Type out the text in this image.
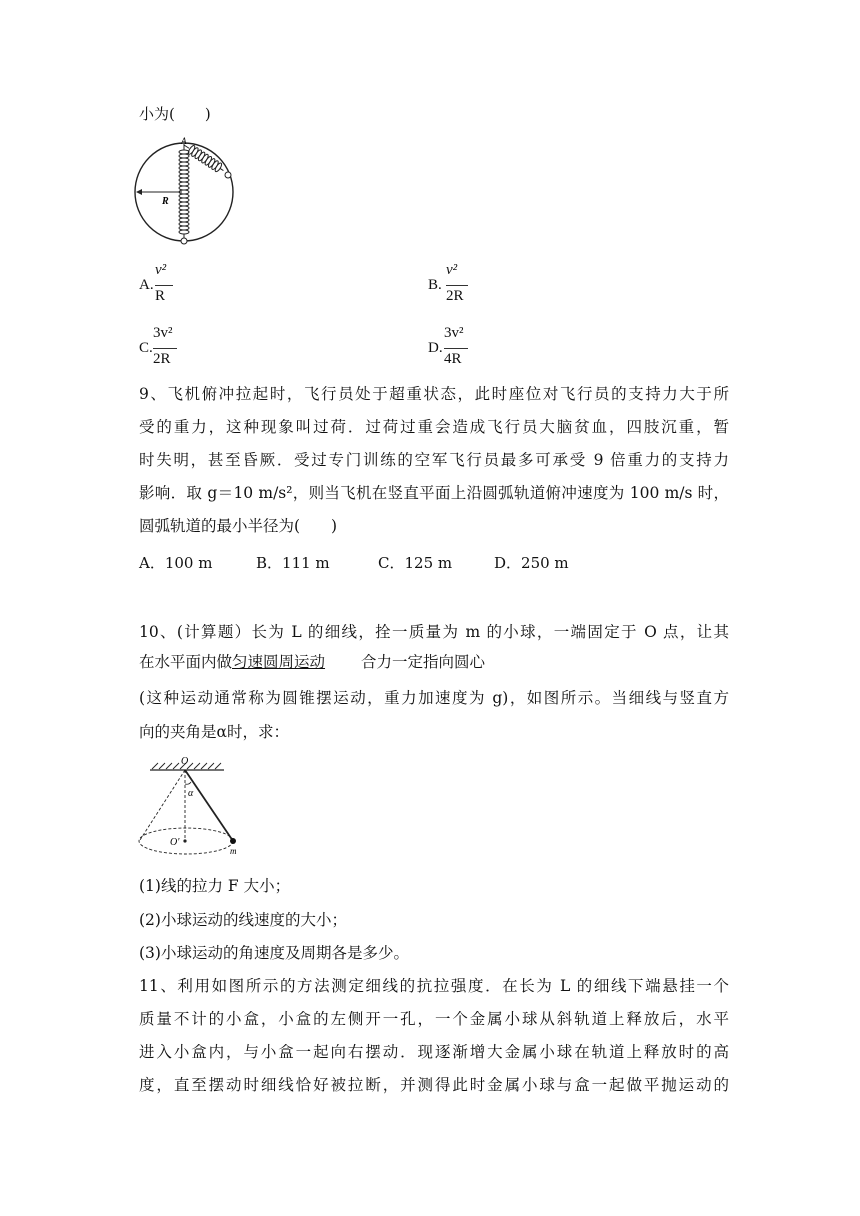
小为(　　)
A
R
A.
v²
R
B.
v²
2R
C.
3v²
2R
D.
3v²
4R
9、飞机俯冲拉起时，飞行员处于超重状态，此时座位对飞行员的支持力大于所
受的重力，这种现象叫过荷．过荷过重会造成飞行员大脑贫血，四肢沉重，暂
时失明，甚至昏厥．受过专门训练的空军飞行员最多可承受 9 倍重力的支持力
影响．取 g＝10 m/s²，则当飞机在竖直平面上沿圆弧轨道俯冲速度为 100 m/s 时，
圆弧轨道的最小半径为(　　)
A．100 m	B．111 m	C．125 m	D．250 m
10、(计算题）长为 L 的细线，拴一质量为 m 的小球，一端固定于 O 点，让其
在水平面内做匀速圆周运动 合力一定指向圆心
(这种运动通常称为圆锥摆运动，重力加速度为 g)，如图所示。当细线与竖直方
向的夹角是α时，求：
O
α
O'
m
(1)线的拉力 F 大小；
(2)小球运动的线速度的大小；
(3)小球运动的角速度及周期各是多少。
11、利用如图所示的方法测定细线的抗拉强度．在长为 L 的细线下端悬挂一个
质量不计的小盒，小盒的左侧开一孔，一个金属小球从斜轨道上释放后，水平
进入小盒内，与小盒一起向右摆动．现逐渐增大金属小球在轨道上释放时的高
度，直至摆动时细线恰好被拉断，并测得此时金属小球与盒一起做平抛运动的
